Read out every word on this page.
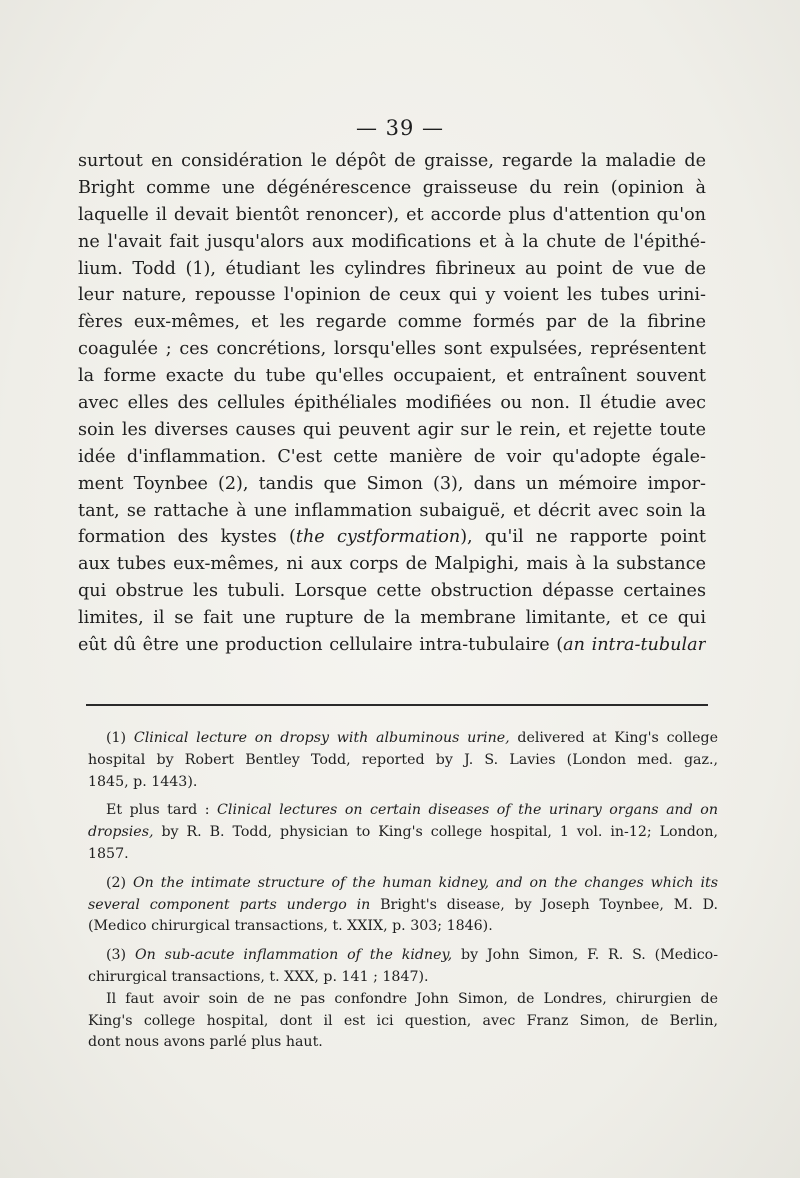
— 39 —
surtout en considération le dépôt de graisse, regarde la maladie de
Bright comme une dégénérescence graisseuse du rein (opinion à
laquelle il devait bientôt renoncer), et accorde plus d'attention qu'on
ne l'avait fait jusqu'alors aux modifications et à la chute de l'épithé-
lium. Todd (1), étudiant les cylindres fibrineux au point de vue de
leur nature, repousse l'opinion de ceux qui y voient les tubes urini-
fères eux-mêmes, et les regarde comme formés par de la fibrine
coagulée ; ces concrétions, lorsqu'elles sont expulsées, représentent
la forme exacte du tube qu'elles occupaient, et entraînent souvent
avec elles des cellules épithéliales modifiées ou non. Il étudie avec
soin les diverses causes qui peuvent agir sur le rein, et rejette toute
idée d'inflammation. C'est cette manière de voir qu'adopte égale-
ment Toynbee (2), tandis que Simon (3), dans un mémoire impor-
tant, se rattache à une inflammation subaiguë, et décrit avec soin la
formation des kystes (the cystformation), qu'il ne rapporte point
aux tubes eux-mêmes, ni aux corps de Malpighi, mais à la substance
qui obstrue les tubuli. Lorsque cette obstruction dépasse certaines
limites, il se fait une rupture de la membrane limitante, et ce qui
eût dû être une production cellulaire intra-tubulaire (an intra-tubular
(1) Clinical lecture on dropsy with albuminous urine, delivered at King's college
hospital by Robert Bentley Todd, reported by J. S. Lavies (London med. gaz.,
1845, p. 1443).
Et plus tard : Clinical lectures on certain diseases of the urinary organs and on
dropsies, by R. B. Todd, physician to King's college hospital, 1 vol. in-12; London,
1857.
(2) On the intimate structure of the human kidney, and on the changes which its
several component parts undergo in Bright's disease, by Joseph Toynbee, M. D.
(Medico chirurgical transactions, t. XXIX, p. 303; 1846).
(3) On sub-acute inflammation of the kidney, by John Simon, F. R. S. (Medico-
chirurgical transactions, t. XXX, p. 141 ; 1847).
Il faut avoir soin de ne pas confondre John Simon, de Londres, chirurgien de
King's college hospital, dont il est ici question, avec Franz Simon, de Berlin,
dont nous avons parlé plus haut.
